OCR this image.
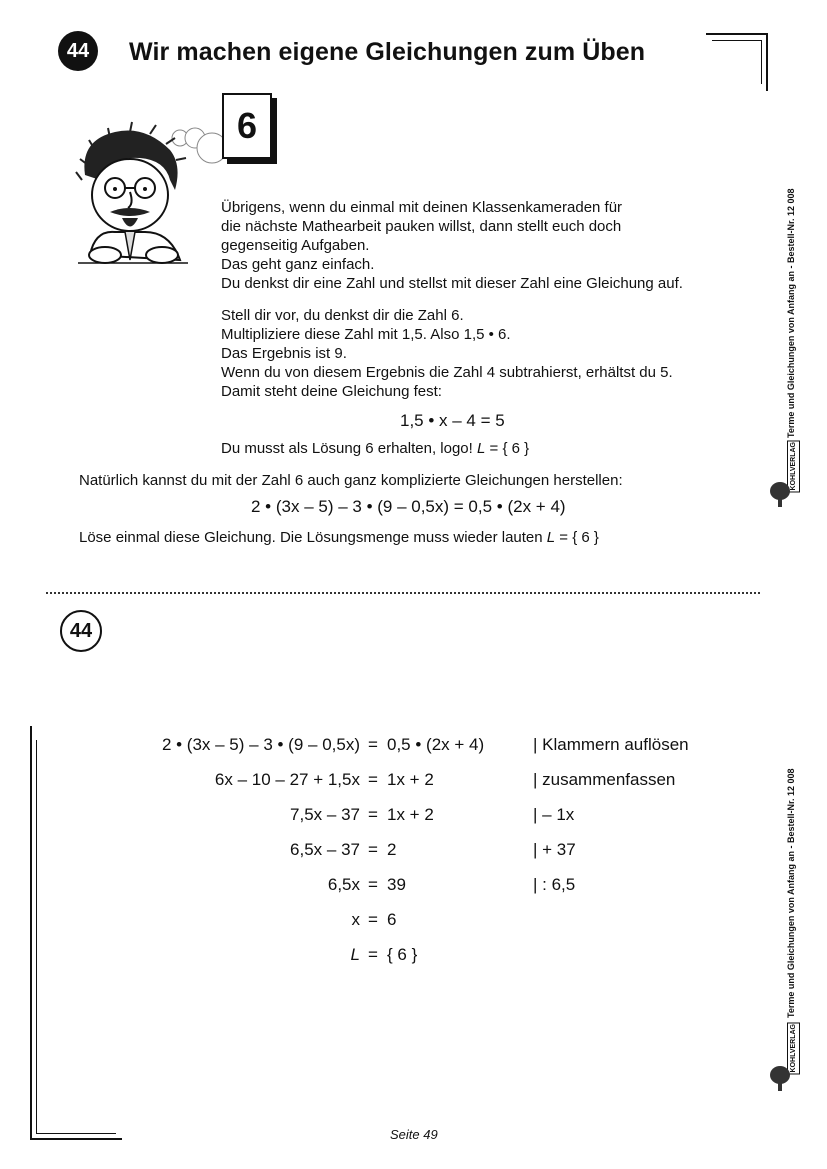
44	Wir machen eigene Gleichungen zum Üben
6
Übrigens, wenn du einmal mit deinen Klassenkameraden für
die nächste Mathearbeit pauken willst, dann stellt euch doch
gegenseitig Aufgaben.
Das geht ganz einfach.
Du denkst dir eine Zahl und stellst mit dieser Zahl eine Gleichung auf.
Stell dir vor, du denkst dir die Zahl 6.
Multipliziere diese Zahl mit 1,5. Also 1,5 • 6.
Das Ergebnis ist 9.
Wenn du von diesem Ergebnis die Zahl 4 subtrahierst, erhältst du 5.
Damit steht deine Gleichung fest:
1,5 • x – 4 = 5
Du musst als Lösung 6 erhalten, logo! L = { 6 }
Natürlich kannst du mit der Zahl 6 auch ganz komplizierte Gleichungen herstellen:
2 • (3x – 5) – 3 • (9 – 0,5x) = 0,5 • (2x + 4)
Löse einmal diese Gleichung. Die Lösungsmenge muss wieder lauten L = { 6 }
44
2 • (3x – 5) – 3 • (9 – 0,5x) = 0,5 • (2x + 4)	| Klammern auflösen
6x – 10 – 27 + 1,5x = 1x + 2	| zusammenfassen
7,5x – 37 = 1x + 2	| – 1x
6,5x – 37 = 2	| + 37
6,5x = 39	| : 6,5
x = 6
L = { 6 }
Terme und Gleichungen von Anfang an - Bestell-Nr. 12 008
KOHLVERLAG
Terme und Gleichungen von Anfang an - Bestell-Nr. 12 008
KOHLVERLAG
Seite 49
